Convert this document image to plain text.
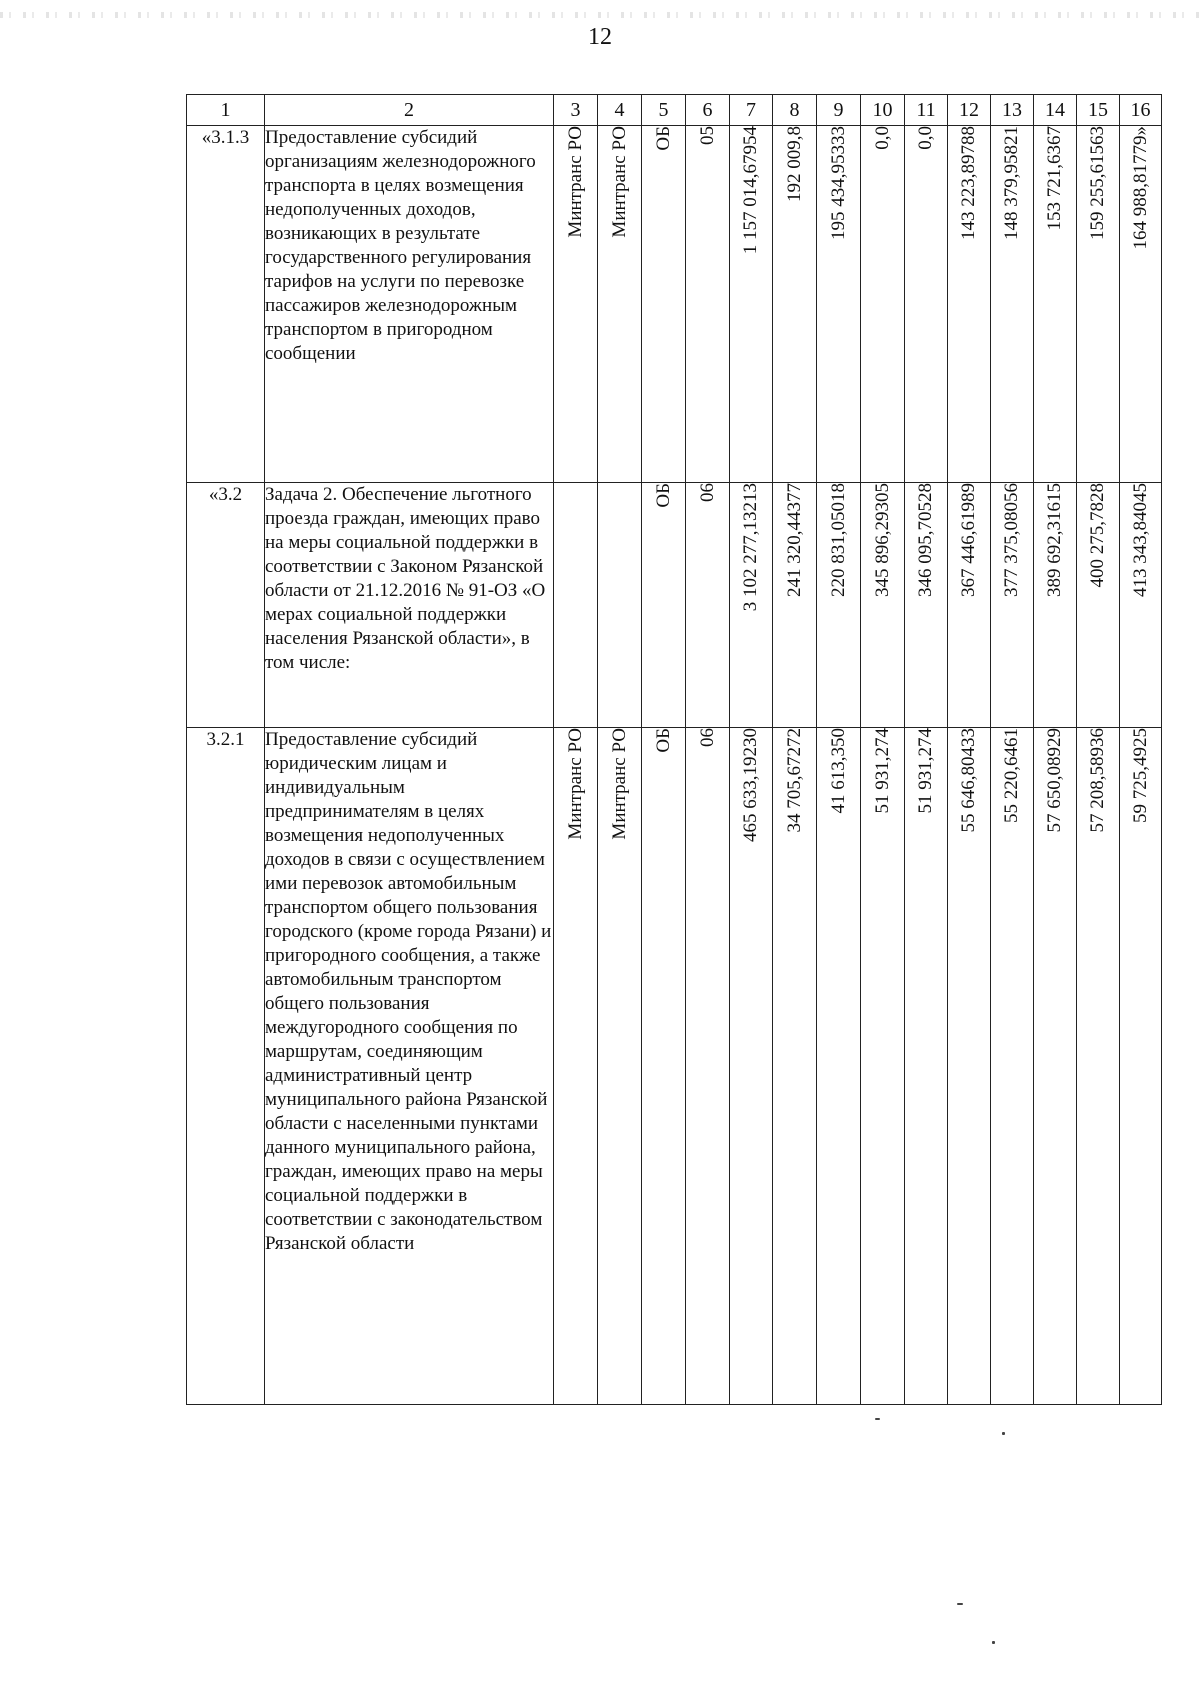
12
1	2	3	4	5	6	7	8	9	10	11	12	13	14	15	16
«3.1.3	Предоставление субсидий организациям железнодорожного транспорта в целях возмещения недополученных доходов, возникающих в результате государственного регулирования тарифов на услуги по перевозке пассажиров железнодорожным транспортом в пригородном сообщении	Минтранс РО	Минтранс РО	ОБ	05	1 157 014,67954	192 009,8	195 434,95333	0,0	0,0	143 223,89788	148 379,95821	153 721,6367	159 255,61563	164 988,81779»
«3.2	Задача 2. Обеспечение льготного проезда граждан, имеющих право на меры социальной поддержки в соответствии с Законом Рязанской области от 21.12.2016 № 91-ОЗ «О мерах социальной поддержки населения Рязанской области», в том числе:			ОБ	06	3 102 277,13213	241 320,44377	220 831,05018	345 896,29305	346 095,70528	367 446,61989	377 375,08056	389 692,31615	400 275,7828	413 343,84045
3.2.1	Предоставление субсидий юридическим лицам и индивидуальным предпринимателям в целях возмещения недополученных доходов в связи с осуществлением ими перевозок автомобильным транспортом общего пользования городского (кроме города Рязани) и пригородного сообщения, а также автомобильным транспортом общего пользования междугородного сообщения по маршрутам, соединяющим административный центр муниципального района Рязанской области с населенными пунктами данного муниципального района, граждан, имеющих право на меры социальной поддержки в соответствии с законодательством Рязанской области	Минтранс РО	Минтранс РО	ОБ	06	465 633,19230	34 705,67272	41 613,350	51 931,274	51 931,274	55 646,80433	55 220,6461	57 650,08929	57 208,58936	59 725,4925
